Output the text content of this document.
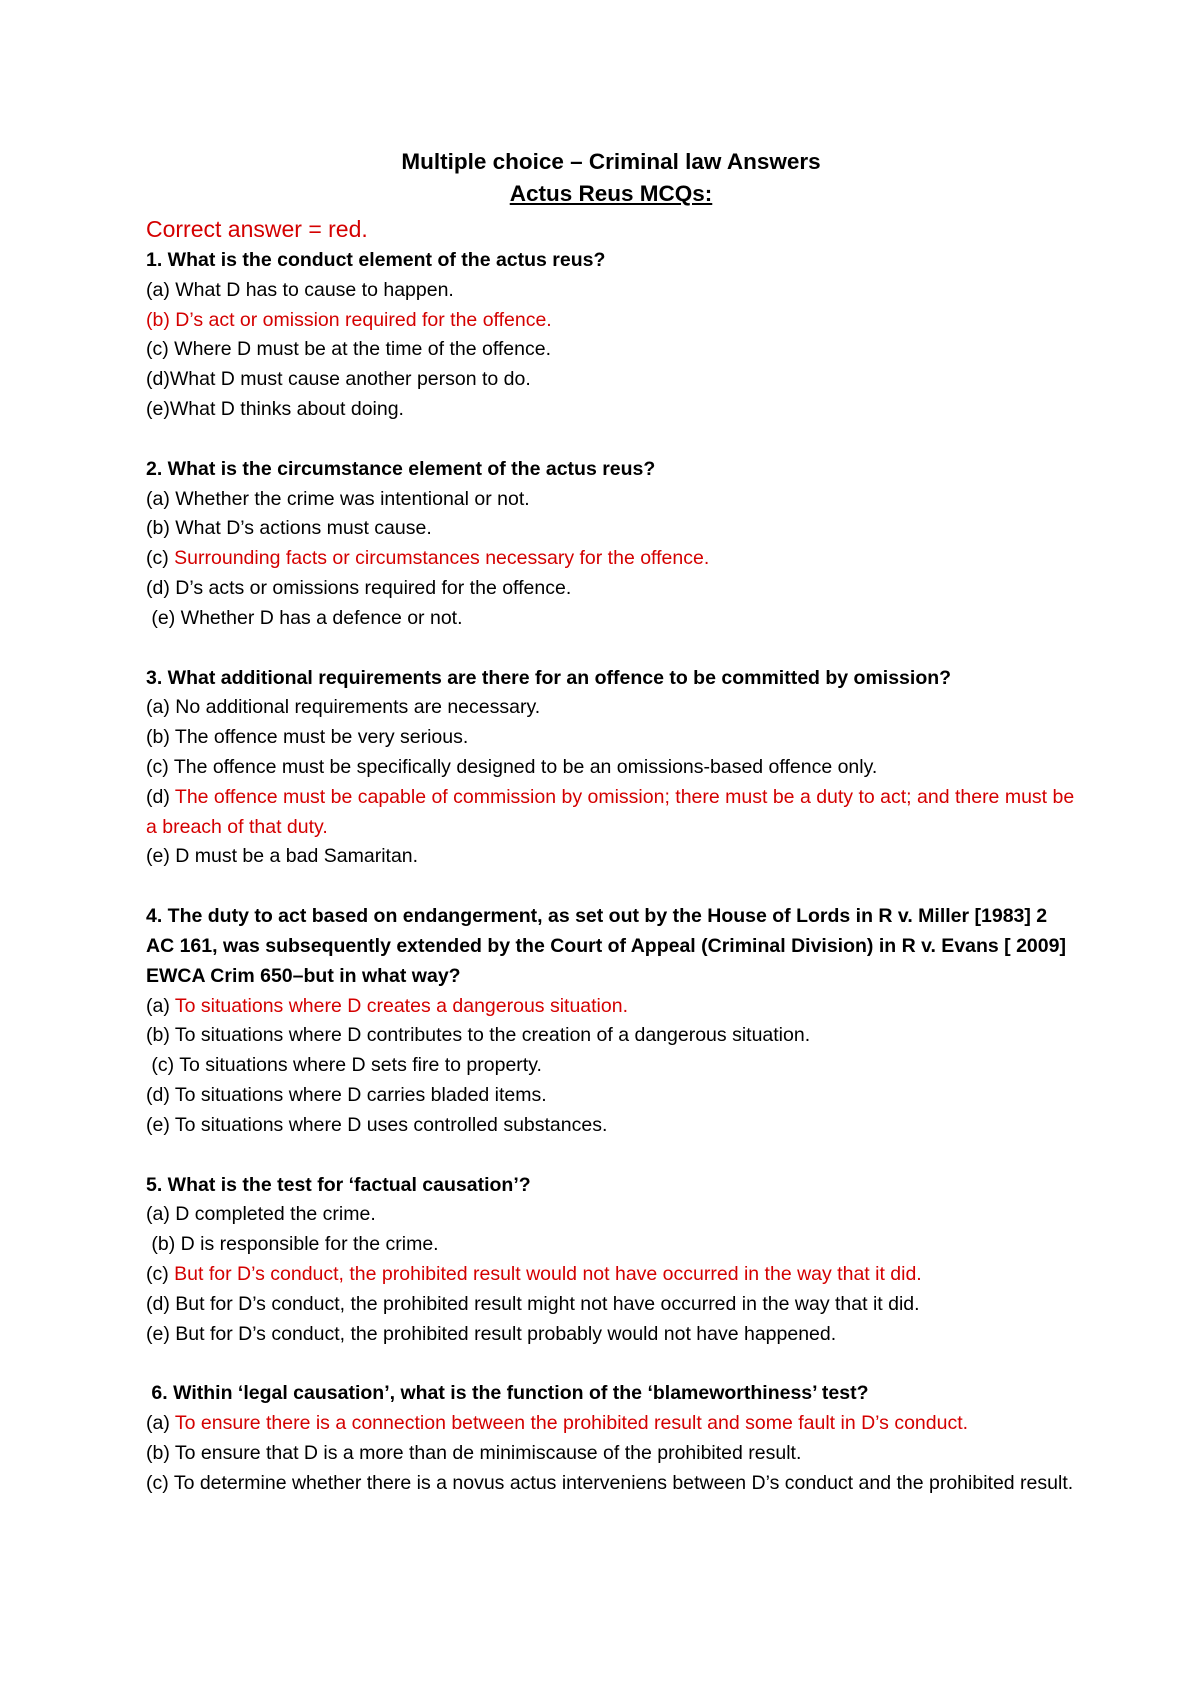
Multiple choice – Criminal law Answers

Actus Reus MCQs:

Correct answer = red.

1. What is the conduct element of the actus reus?

(a) What D has to cause to happen.

(b) D’s act or omission required for the offence.

(c) Where D must be at the time of the offence.

(d)What D must cause another person to do.

(e)What D thinks about doing.

2. What is the circumstance element of the actus reus?

(a) Whether the crime was intentional or not.

(b) What D’s actions must cause.

(c) Surrounding facts or circumstances necessary for the offence.

(d) D’s acts or omissions required for the offence.

(e) Whether D has a defence or not.

3. What additional requirements are there for an offence to be committed by omission?

(a) No additional requirements are necessary.

(b) The offence must be very serious.

(c) The offence must be specifically designed to be an omissions-based offence only.

(d) The offence must be capable of commission by omission; there must be a duty to act; and there must be a breach of that duty.

(e) D must be a bad Samaritan.

4. The duty to act based on endangerment, as set out by the House of Lords in R v. Miller [1983] 2 AC 161, was subsequently extended by the Court of Appeal (Criminal Division) in R v. Evans [ 2009] EWCA Crim 650–but in what way?

(a) To situations where D creates a dangerous situation.

(b) To situations where D contributes to the creation of a dangerous situation.

(c) To situations where D sets fire to property.

(d) To situations where D carries bladed items.

(e) To situations where D uses controlled substances.

5. What is the test for ‘factual causation’?

(a) D completed the crime.

(b) D is responsible for the crime.

(c) But for D’s conduct, the prohibited result would not have occurred in the way that it did.

(d) But for D’s conduct, the prohibited result might not have occurred in the way that it did.

(e) But for D’s conduct, the prohibited result probably would not have happened.

6. Within ‘legal causation’, what is the function of the ‘blameworthiness’ test?

(a) To ensure there is a connection between the prohibited result and some fault in D’s conduct.

(b) To ensure that D is a more than de minimiscause of the prohibited result.

(c) To determine whether there is a novus actus interveniens between D’s conduct and the prohibited result.
